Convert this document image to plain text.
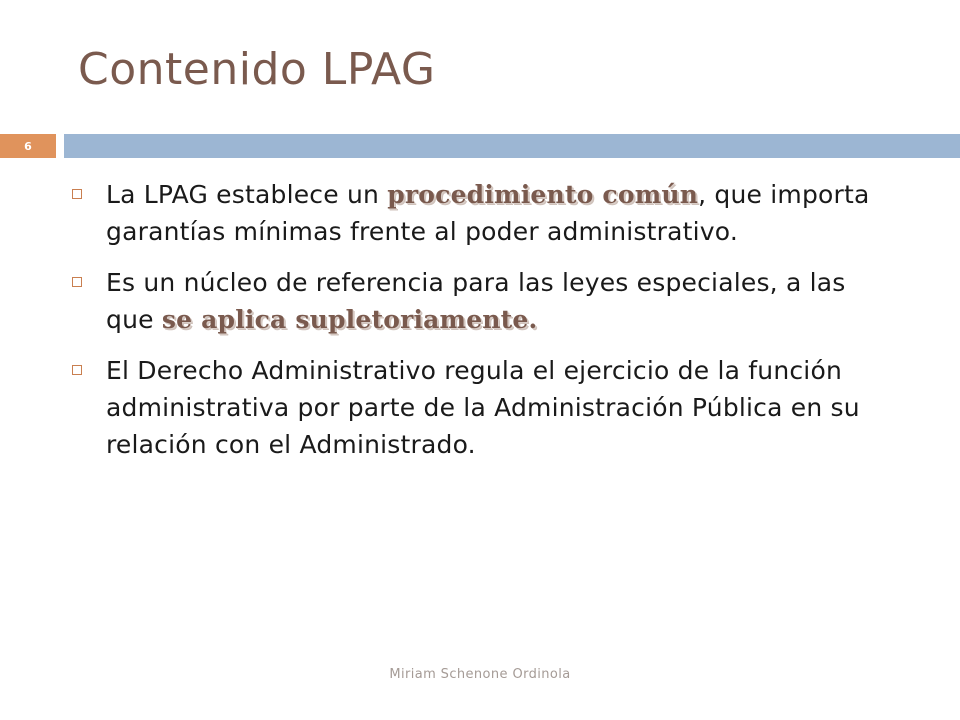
Contenido LPAG
6
La LPAG establece un procedimiento común, que importa garantías mínimas frente al poder administrativo.
Es un núcleo de referencia para las leyes especiales, a las que se aplica supletoriamente.
El Derecho Administrativo regula el ejercicio de la función administrativa por parte de la Administración Pública en su relación con el Administrado.
Miriam Schenone Ordinola
